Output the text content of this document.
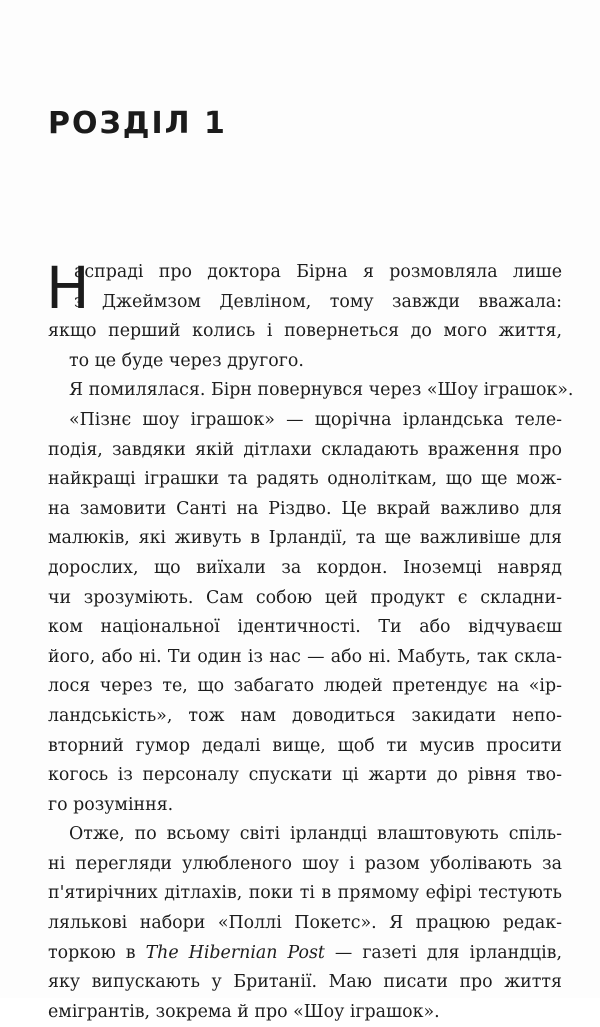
РОЗДІЛ 1
Н
аспраді про доктора Бірна я розмовляла лише
з Джеймзом Девліном, тому завжди вважала:
якщо перший колись і повернеться до мого життя,
то це буде через другого.
Я помилялася. Бірн повернувся через «Шоу іграшок».
«Пізнє шоу іграшок» — щорічна ірландська теле-
подія, завдяки якій дітлахи складають враження про
найкращі іграшки та радять одноліткам, що ще мож-
на замовити Санті на Різдво. Це вкрай важливо для
малюків, які живуть в Ірландії, та ще важливіше для
дорослих, що виїхали за кордон. Іноземці навряд
чи зрозуміють. Сам собою цей продукт є складни-
ком національної ідентичності. Ти або відчуваєш
його, або ні. Ти один із нас — або ні. Мабуть, так скла-
лося через те, що забагато людей претендує на «ір-
ландськість», тож нам доводиться закидати непо-
вторний гумор дедалі вище, щоб ти мусив просити
когось із персоналу спускати ці жарти до рівня тво-
го розуміння.
Отже, по всьому світі ірландці влаштовують спіль-
ні перегляди улюбленого шоу і разом уболівають за
п'ятирічних дітлахів, поки ті в прямому ефірі тестують
лялькові набори «Поллі Покетс». Я працюю редак-
торкою в The Hibernian Post — газеті для ірландців,
яку випускають у Британії. Маю писати про життя
емігрантів, зокрема й про «Шоу іграшок».
